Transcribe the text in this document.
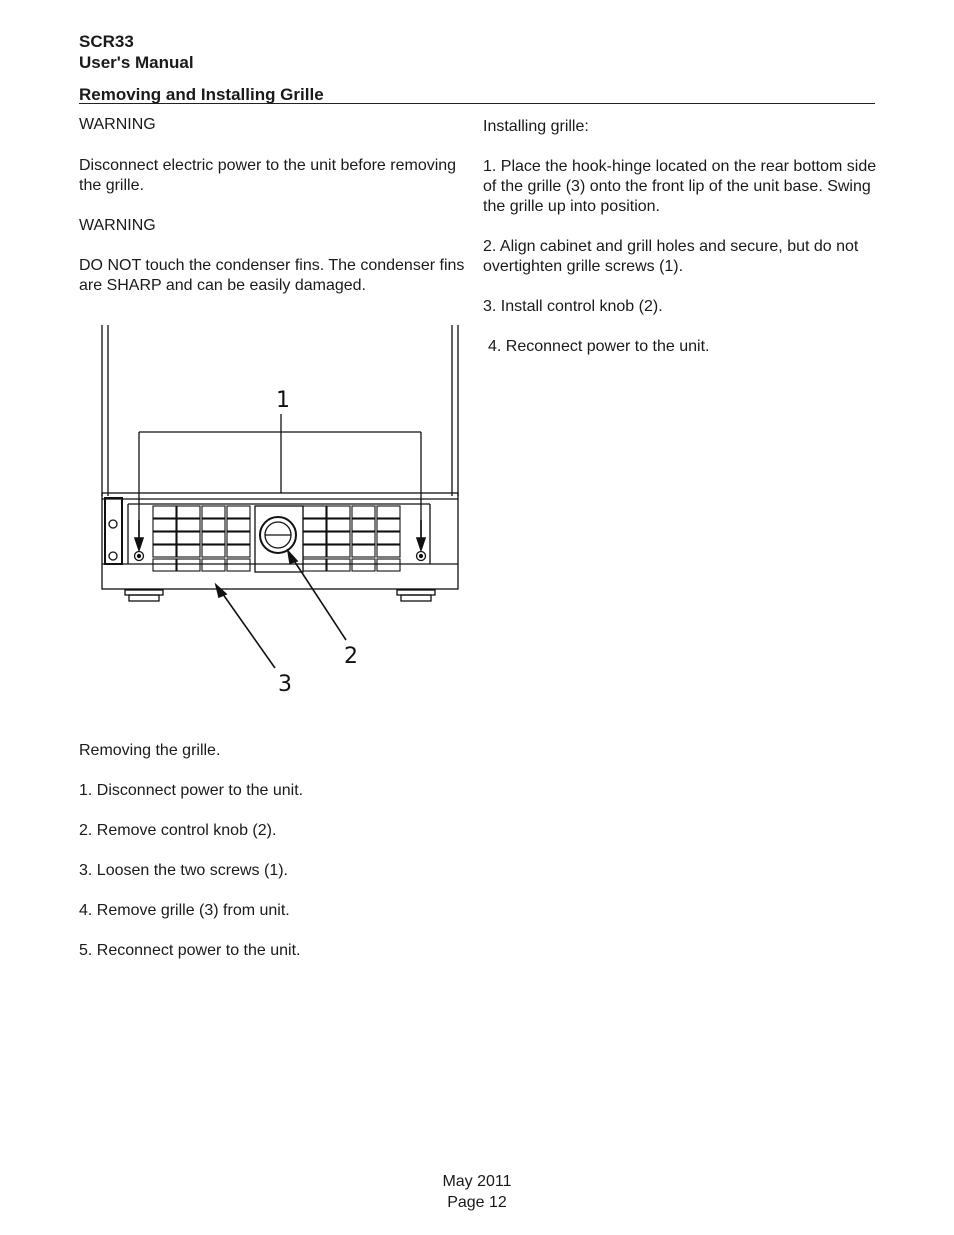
SCR33
User's Manual
Removing and Installing Grille

WARNING

Disconnect electric power to the unit before removing the grille.

WARNING

DO NOT touch the condenser fins. The condenser fins are SHARP and can be easily damaged.

Installing grille:

1. Place the hook-hinge located on the rear bottom side of the grille (3) onto the front lip of the unit base. Swing the grille up into position.

2. Align cabinet and grill holes and secure, but do not overtighten grille screws (1).

3. Install control knob (2).

4. Reconnect power to the unit.

1
2
3

Removing the grille.

1. Disconnect power to the unit.

2. Remove control knob (2).

3. Loosen the two screws (1).

4. Remove grille (3) from unit.

5. Reconnect power to the unit.

May 2011
Page 12
